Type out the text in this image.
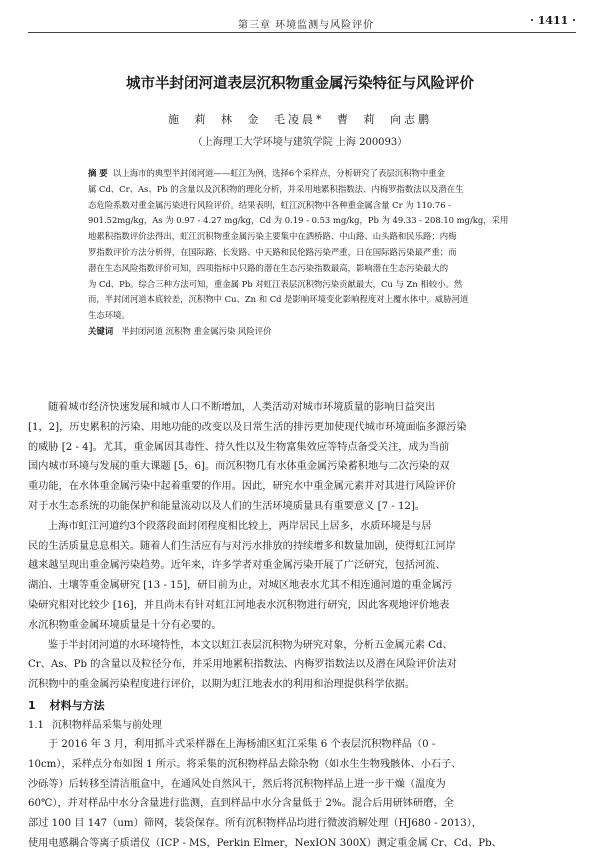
第三章 环境监测与风险评价	· 1411 ·
城市半封闭河道表层沉积物重金属污染特征与风险评价
施 莉 林 金 毛凌晨* 曹 莉 向志鹏
（上海理工大学环境与建筑学院 上海 200093）
摘 要 以上海市的典型半封闭河道——虹江为例，选择6个采样点，分析研究了表层沉积物中重金
属 Cd、Cr、As、Pb 的含量以及沉积物的理化分析，并采用地累积指数法、内梅罗指数法以及潜在生
态危险系数对重金属污染进行风险评价。结果表明，虹江沉积物中各种重金属含量 Cr 为 110.76 -
901.52mg/kg，As 为 0.97 - 4.27 mg/kg，Cd 为 0.19 - 0.53 mg/kg，Pb 为 49.33 - 208.10 mg/kg，采用
地累积指数评价法得出，虹江沉积物重金属污染主要集中在洒桥路、中山路、山头路和民乐路；内梅
罗指数评价方法分析得，在国际路、长发路、中天路和民伦路污染严重，日在国际路污染最严重；而
潜在生态风险指数评价可知，四项指标中只路的潜在生态污染指数最高，影响潜在生态污染最大的
为 Cd、Pb。综合三种方法可知，重金属 Pb 对虹江表层沉积物污染贡献最大，Cu 与 Zn 相较小。然
而，半封闭河道本底较差，沉积物中 Cu、Zn 和 Cd 是影响环境变化影响程度对上覆水体中，威胁河道
生态环境。
关键词 半封闭河道 沉积物 重金属污染 风险评价
随着城市经济快速发展和城市人口不断增加，人类活动对城市环境质量的影响日益突出
[1，2]，历史累积的污染、用地功能的改变以及日常生活的排污更加使现代城市环境面临多源污染
的威胁 [2 - 4]。尤其，重金属因其毒性、持久性以及生物富集效应等特点备受关注，成为当前
国内城市环境与发展的重大课题 [5，6]。而沉积物几有水体重金属污染蓄积地与二次污染的双
重功能，在水体重金属污染中起着重要的作用。因此，研究水中重金属元素并对其进行风险评价
对于水生态系统的功能保护和能量流动以及人们的生活环境质量具有重要意义 [7 - 12]。
上海市虹江河道约3个段落段面封闭程度相比较上，两岸居民上居多，水质环境是与居
民的生活质量息息相关。随着人们生活应有与对污水排放的持续增多和数量加剧，使得虹江河岸
越来越呈现出重金属污染趋势。近年来，许多学者对重金属污染开展了广泛研究，包括河流、
湖泊、土壤等重金属研究 [13 - 15]，研目前为止，对城区地表水尤其不相连通河道的重金属污
染研究相对比较少 [16]，并且尚未有针对虹江河地表水沉积物进行研究，因此客观地评价地表
水沉积物重金属环境质量是十分有必要的。
鉴于半封闭河道的水环境特性，本文以虹江表层沉积物为研究对象，分析五金属元素 Cd、
Cr、As、Pb 的含量以及粒径分布，并采用地累积指数法、内梅罗指数法以及潜在风险评价法对
沉积物中的重金属污染程度进行评价，以期为虹江地表水的利用和治理提供科学依据。
1 材料与方法
1.1 沉积物样品采集与前处理
于 2016 年 3 月，利用抓斗式采样器在上海杨浦区虹江采集 6 个表层沉积物样品（0 -
10cm），采样点分布如图 1 所示。将采集的沉积物样品去除杂物（如水生生物残骸体、小石子、
沙砾等）后转移至清洁瓶盒中，在通风处自然风干，然后将沉积物样品上进一步干燥（温度为
60℃），并对样品中水分含量进行监测，直到样品中水分含量低于 2%。混合后用研钵研磨，全
部过 100 目 147（um）筛网，装袋保存。所有沉积物样品均进行微波消解处理（HJ680 - 2013），
使用电感耦合等离子质谱仪（ICP - MS，Perkin Elmer，NexION 300X）测定重金属 Cr、Cd、Pb、
